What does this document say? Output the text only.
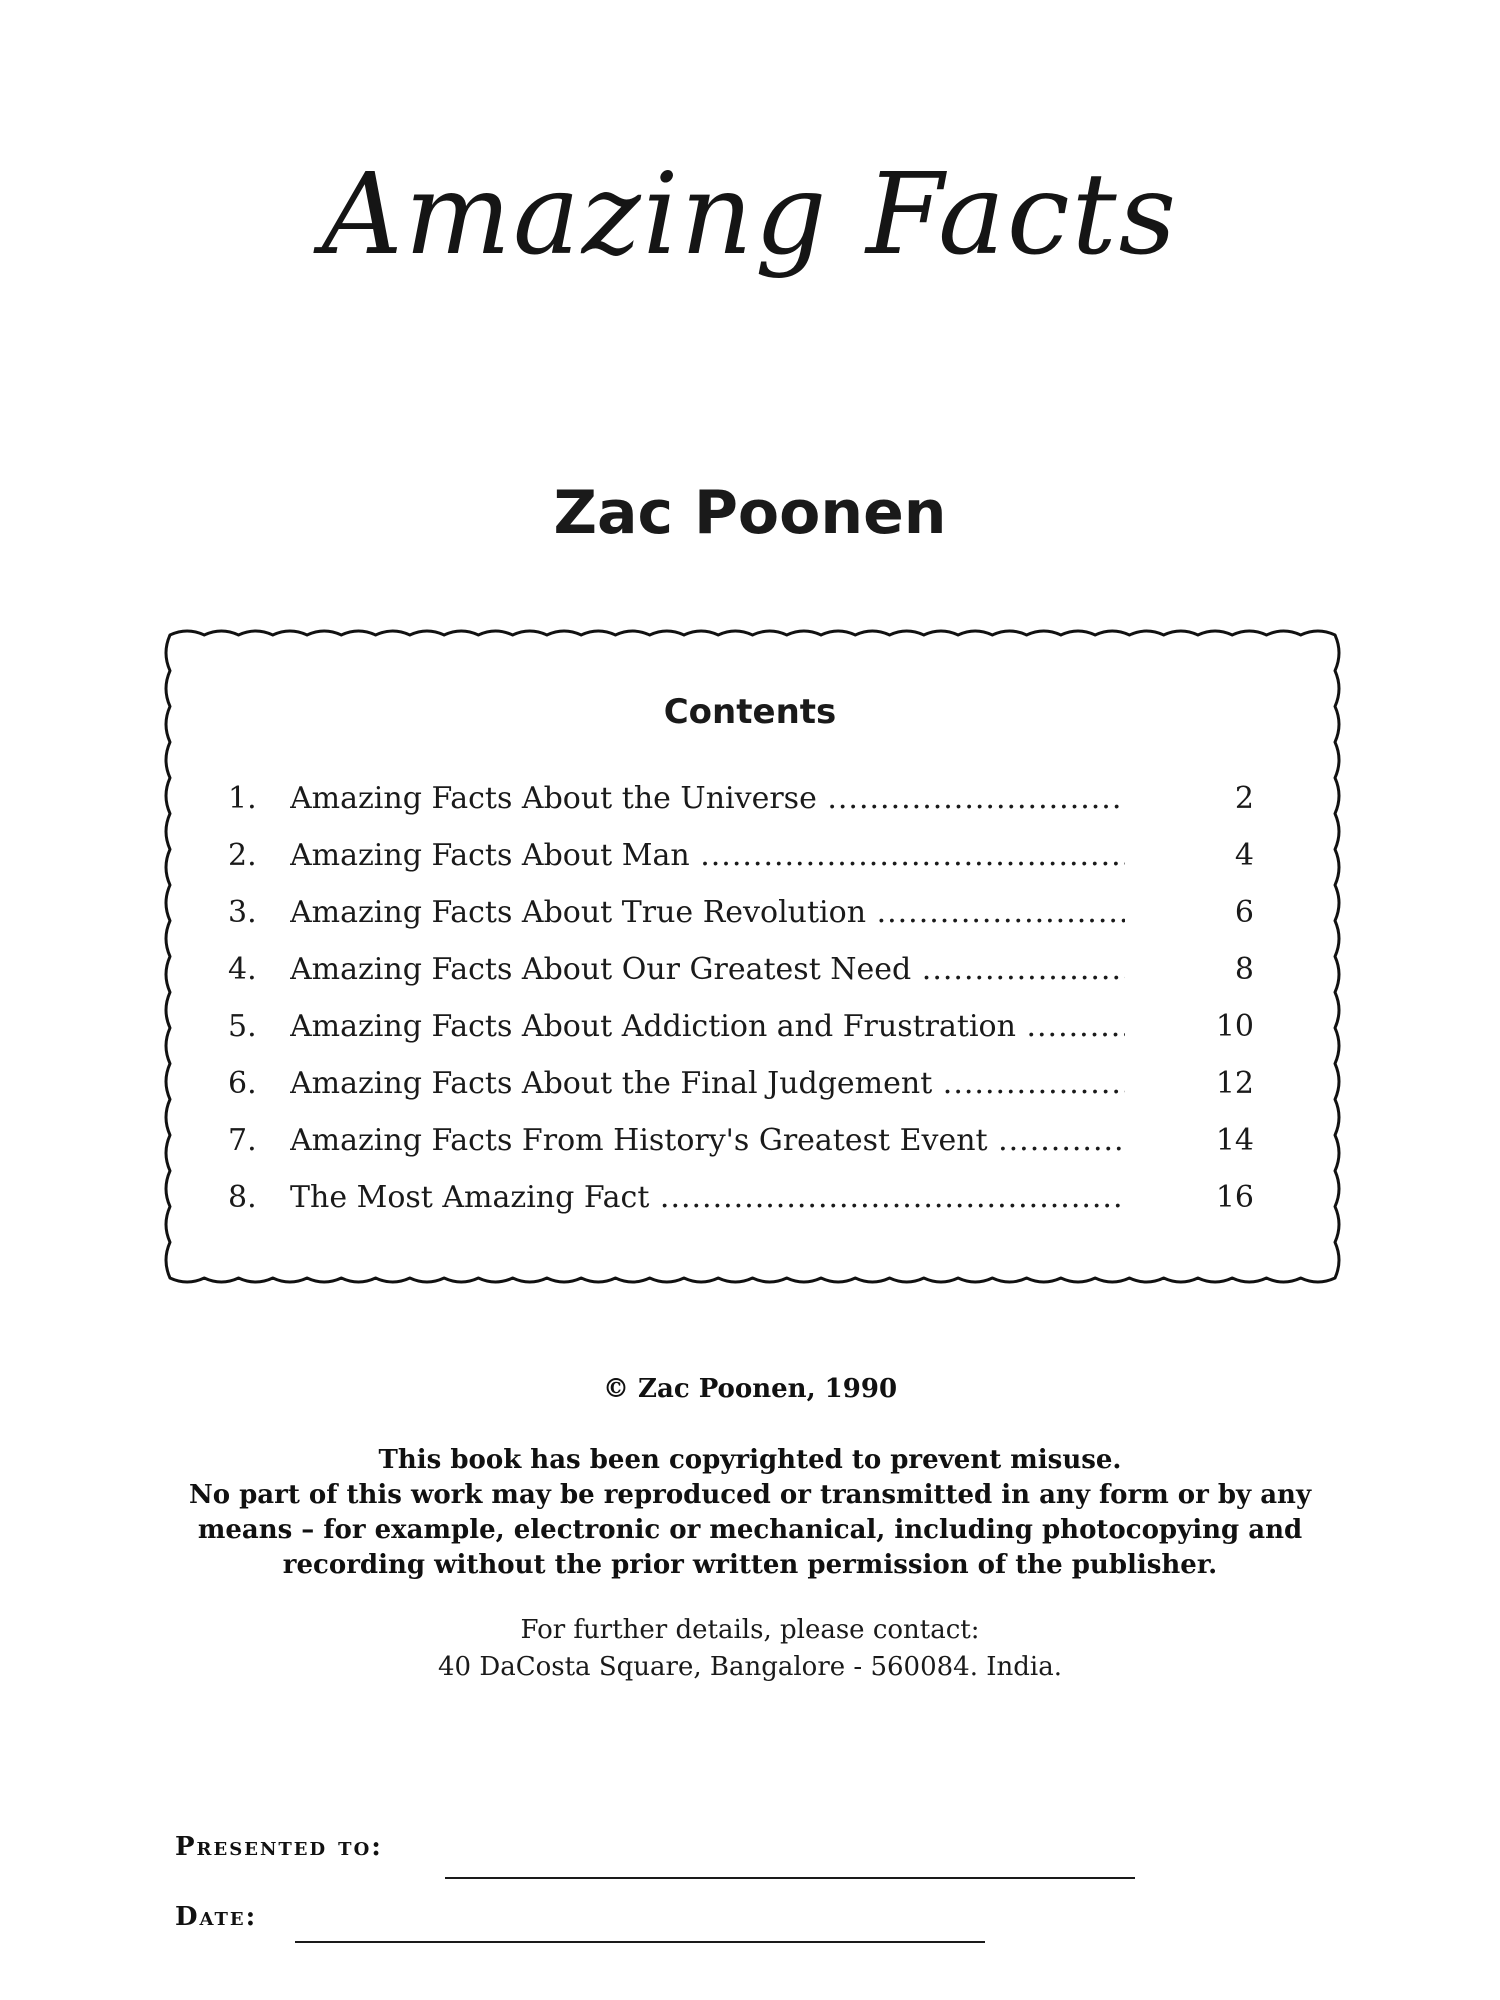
Amazing Facts
Zac Poonen
Contents
1. Amazing Facts About the Universe .....	2
2. Amazing Facts About Man .....	4
3. Amazing Facts About True Revolution .....	6
4. Amazing Facts About Our Greatest Need .....	8
5. Amazing Facts About Addiction and Frustration .....	10
6. Amazing Facts About the Final Judgement .....	12
7. Amazing Facts From History's Greatest Event .....	14
8. The Most Amazing Fact .....	16
© Zac Poonen, 1990
This book has been copyrighted to prevent misuse.
No part of this work may be reproduced or transmitted in any form or by any
means – for example, electronic or mechanical, including photocopying and
recording without the prior written permission of the publisher.
For further details, please contact:
40 DaCosta Square, Bangalore - 560084. India.
Presented to:
Date:
